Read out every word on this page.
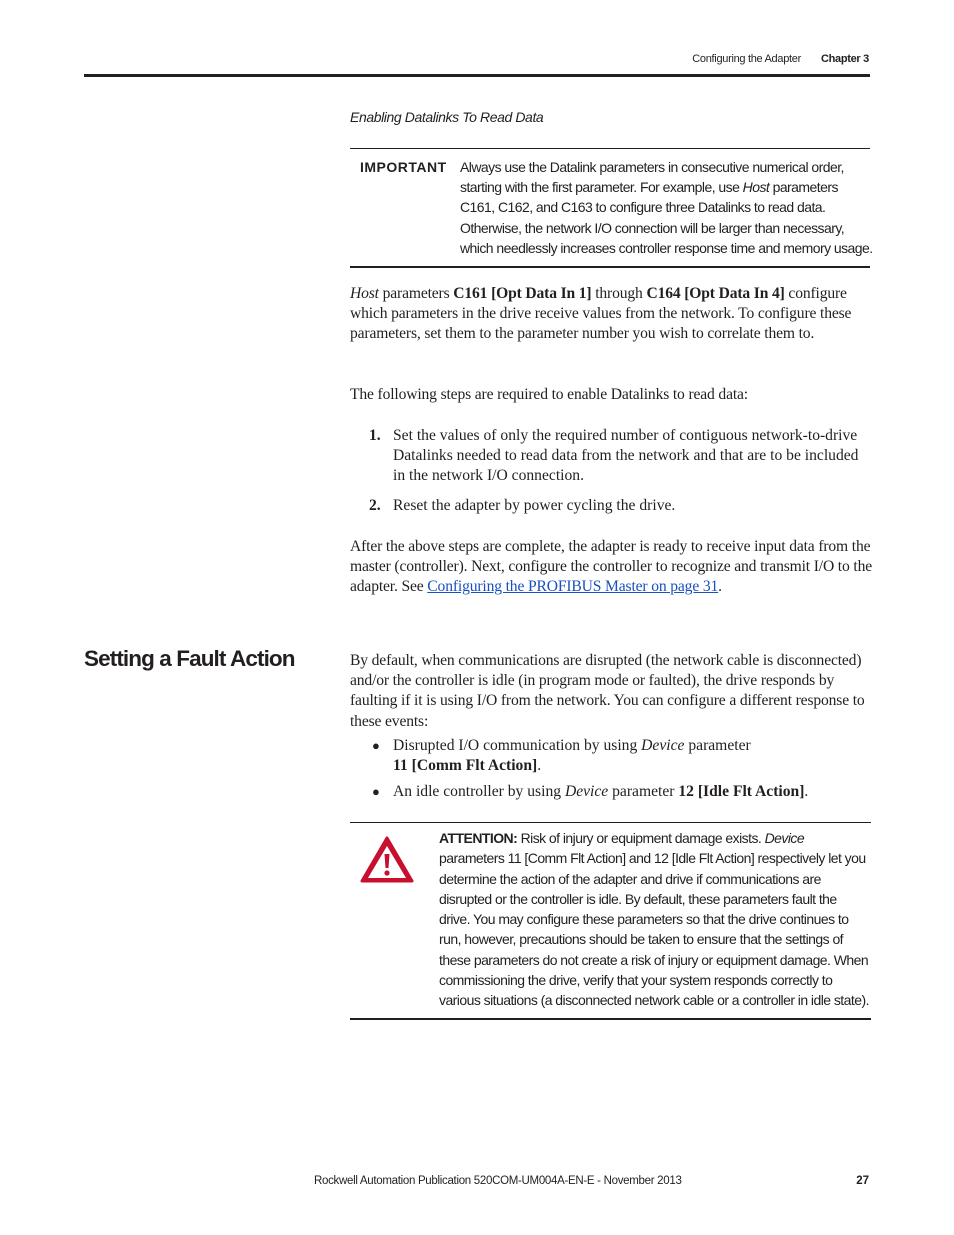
Configuring the Adapter Chapter 3
Enabling Datalinks To Read Data
IMPORTANT Always use the Datalink parameters in consecutive numerical order, starting with the first parameter. For example, use Host parameters C161, C162, and C163 to configure three Datalinks to read data. Otherwise, the network I/O connection will be larger than necessary, which needlessly increases controller response time and memory usage.
Host parameters C161 [Opt Data In 1] through C164 [Opt Data In 4] configure which parameters in the drive receive values from the network. To configure these parameters, set them to the parameter number you wish to correlate them to.
The following steps are required to enable Datalinks to read data:
1. Set the values of only the required number of contiguous network-to-drive Datalinks needed to read data from the network and that are to be included in the network I/O connection.
2. Reset the adapter by power cycling the drive.
After the above steps are complete, the adapter is ready to receive input data from the master (controller). Next, configure the controller to recognize and transmit I/O to the adapter. See Configuring the PROFIBUS Master on page 31.
Setting a Fault Action	By default, when communications are disrupted (the network cable is disconnected) and/or the controller is idle (in program mode or faulted), the drive responds by faulting if it is using I/O from the network. You can configure a different response to these events:
● Disrupted I/O communication by using Device parameter
11 [Comm Flt Action].
● An idle controller by using Device parameter 12 [Idle Flt Action].
ATTENTION: Risk of injury or equipment damage exists. Device parameters 11 [Comm Flt Action] and 12 [Idle Flt Action] respectively let you determine the action of the adapter and drive if communications are disrupted or the controller is idle. By default, these parameters fault the drive. You may configure these parameters so that the drive continues to run, however, precautions should be taken to ensure that the settings of these parameters do not create a risk of injury or equipment damage. When commissioning the drive, verify that your system responds correctly to various situations (a disconnected network cable or a controller in idle state).
Rockwell Automation Publication 520COM-UM004A-EN-E - November 2013	27
